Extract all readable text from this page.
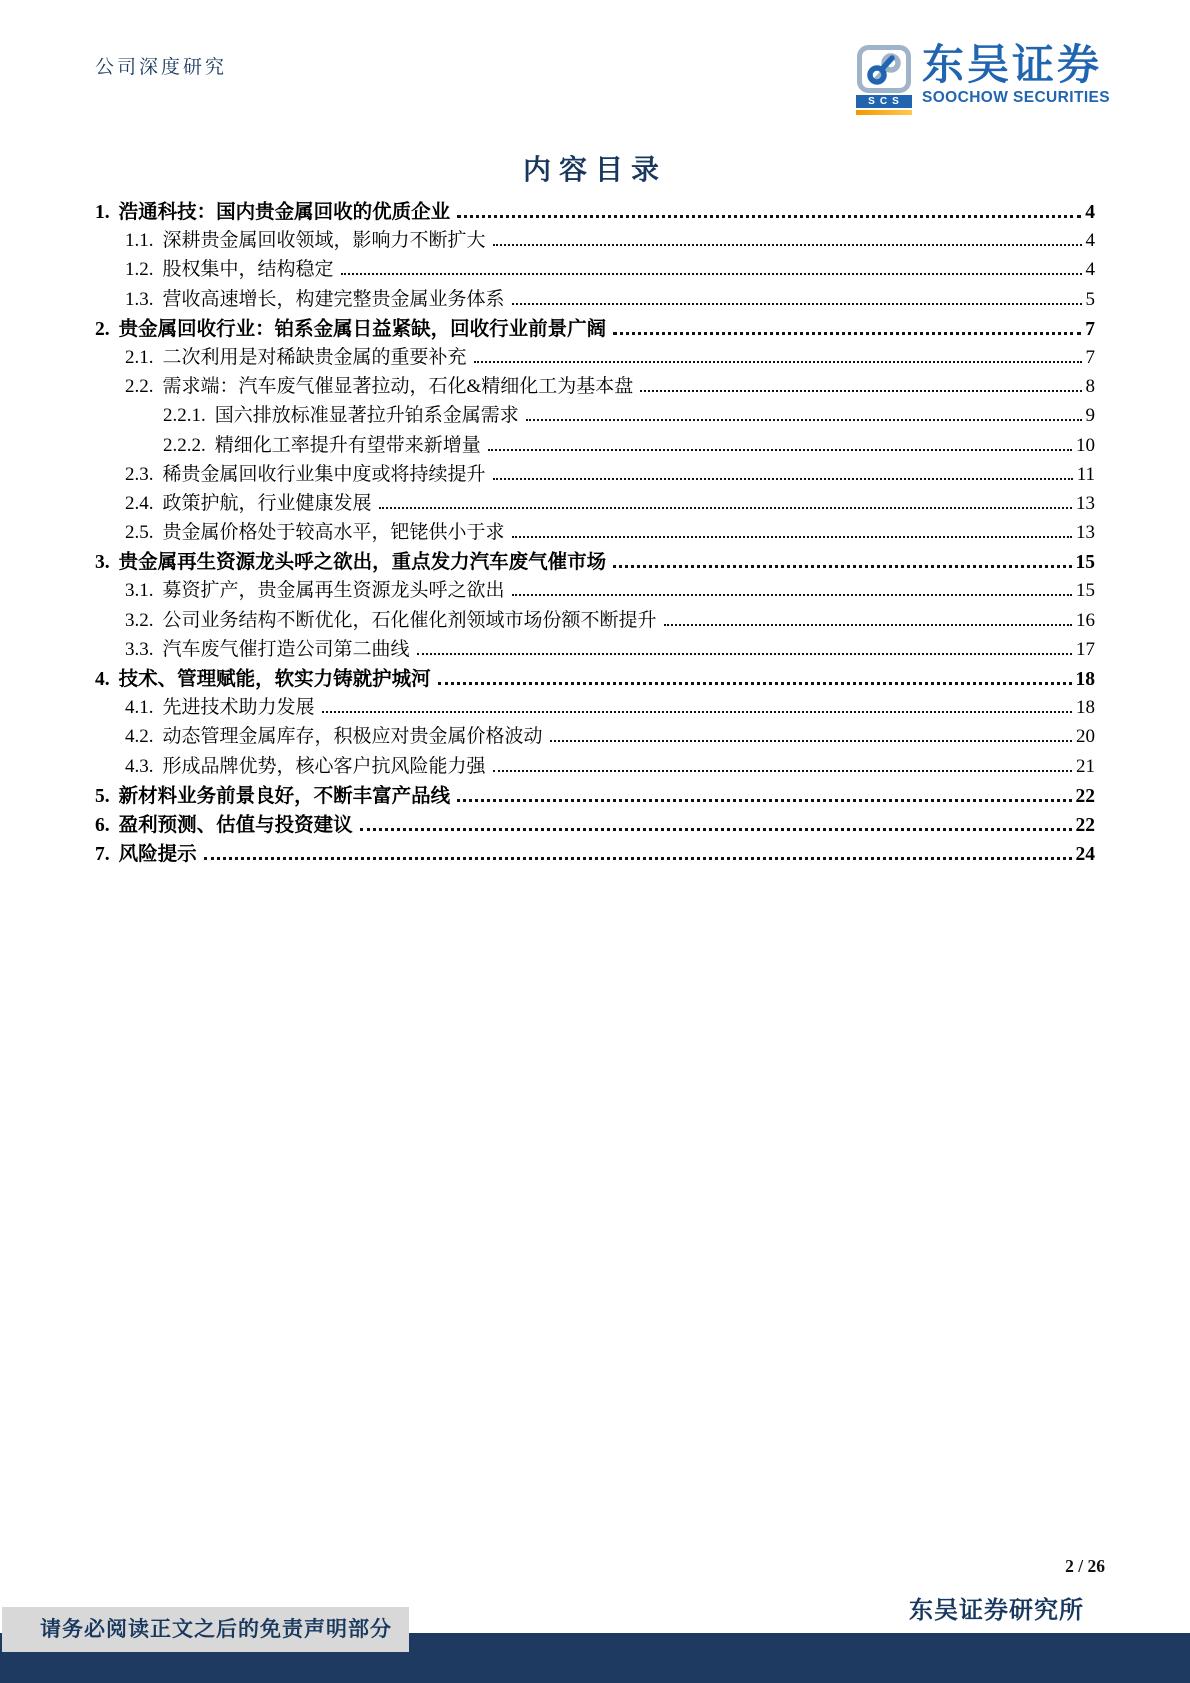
公司深度研究
SCS
东吴证券
SOOCHOW SECURITIES
内容目录
1. 浩通科技：国内贵金属回收的优质企业	4
1.1. 深耕贵金属回收领域，影响力不断扩大	4
1.2. 股权集中，结构稳定	4
1.3. 营收高速增长，构建完整贵金属业务体系	5
2. 贵金属回收行业：铂系金属日益紧缺，回收行业前景广阔	7
2.1. 二次利用是对稀缺贵金属的重要补充	7
2.2. 需求端：汽车废气催显著拉动，石化&精细化工为基本盘	8
2.2.1. 国六排放标准显著拉升铂系金属需求	9
2.2.2. 精细化工率提升有望带来新增量	10
2.3. 稀贵金属回收行业集中度或将持续提升	11
2.4. 政策护航，行业健康发展	13
2.5. 贵金属价格处于较高水平，钯铑供小于求	13
3. 贵金属再生资源龙头呼之欲出，重点发力汽车废气催市场	15
3.1. 募资扩产，贵金属再生资源龙头呼之欲出	15
3.2. 公司业务结构不断优化，石化催化剂领域市场份额不断提升	16
3.3. 汽车废气催打造公司第二曲线	17
4. 技术、管理赋能，软实力铸就护城河	18
4.1. 先进技术助力发展	18
4.2. 动态管理金属库存，积极应对贵金属价格波动	20
4.3. 形成品牌优势，核心客户抗风险能力强	21
5. 新材料业务前景良好，不断丰富产品线	22
6. 盈利预测、估值与投资建议	22
7. 风险提示	24
2 / 26
东吴证券研究所
请务必阅读正文之后的免责声明部分
